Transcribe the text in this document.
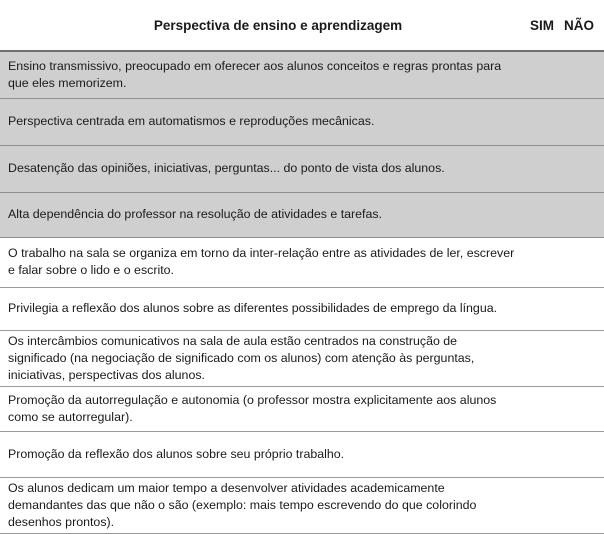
Perspectiva de ensino e aprendizagem	SIM	NÃO
Ensino transmissivo, preocupado em oferecer aos alunos conceitos e regras prontas para que eles memorizem.		
Perspectiva centrada em automatismos e reproduções mecânicas.		
Desatenção das opiniões, iniciativas, perguntas... do ponto de vista dos alunos.		
Alta dependência do professor na resolução de atividades e tarefas.		
O trabalho na sala se organiza em torno da inter-relação entre as atividades de ler, escrever e falar sobre o lido e o escrito.		
Privilegia a reflexão dos alunos sobre as diferentes possibilidades de emprego da língua.		
Os intercâmbios comunicativos na sala de aula estão centrados na construção de significado (na negociação de significado com os alunos) com atenção às perguntas, iniciativas, perspectivas dos alunos.		
Promoção da autorregulação e autonomia (o professor mostra explicitamente aos alunos como se autorregular).		
Promoção da reflexão dos alunos sobre seu próprio trabalho.		
Os alunos dedicam um maior tempo a desenvolver atividades academicamente demandantes das que não o são (exemplo: mais tempo escrevendo do que colorindo desenhos prontos).		
